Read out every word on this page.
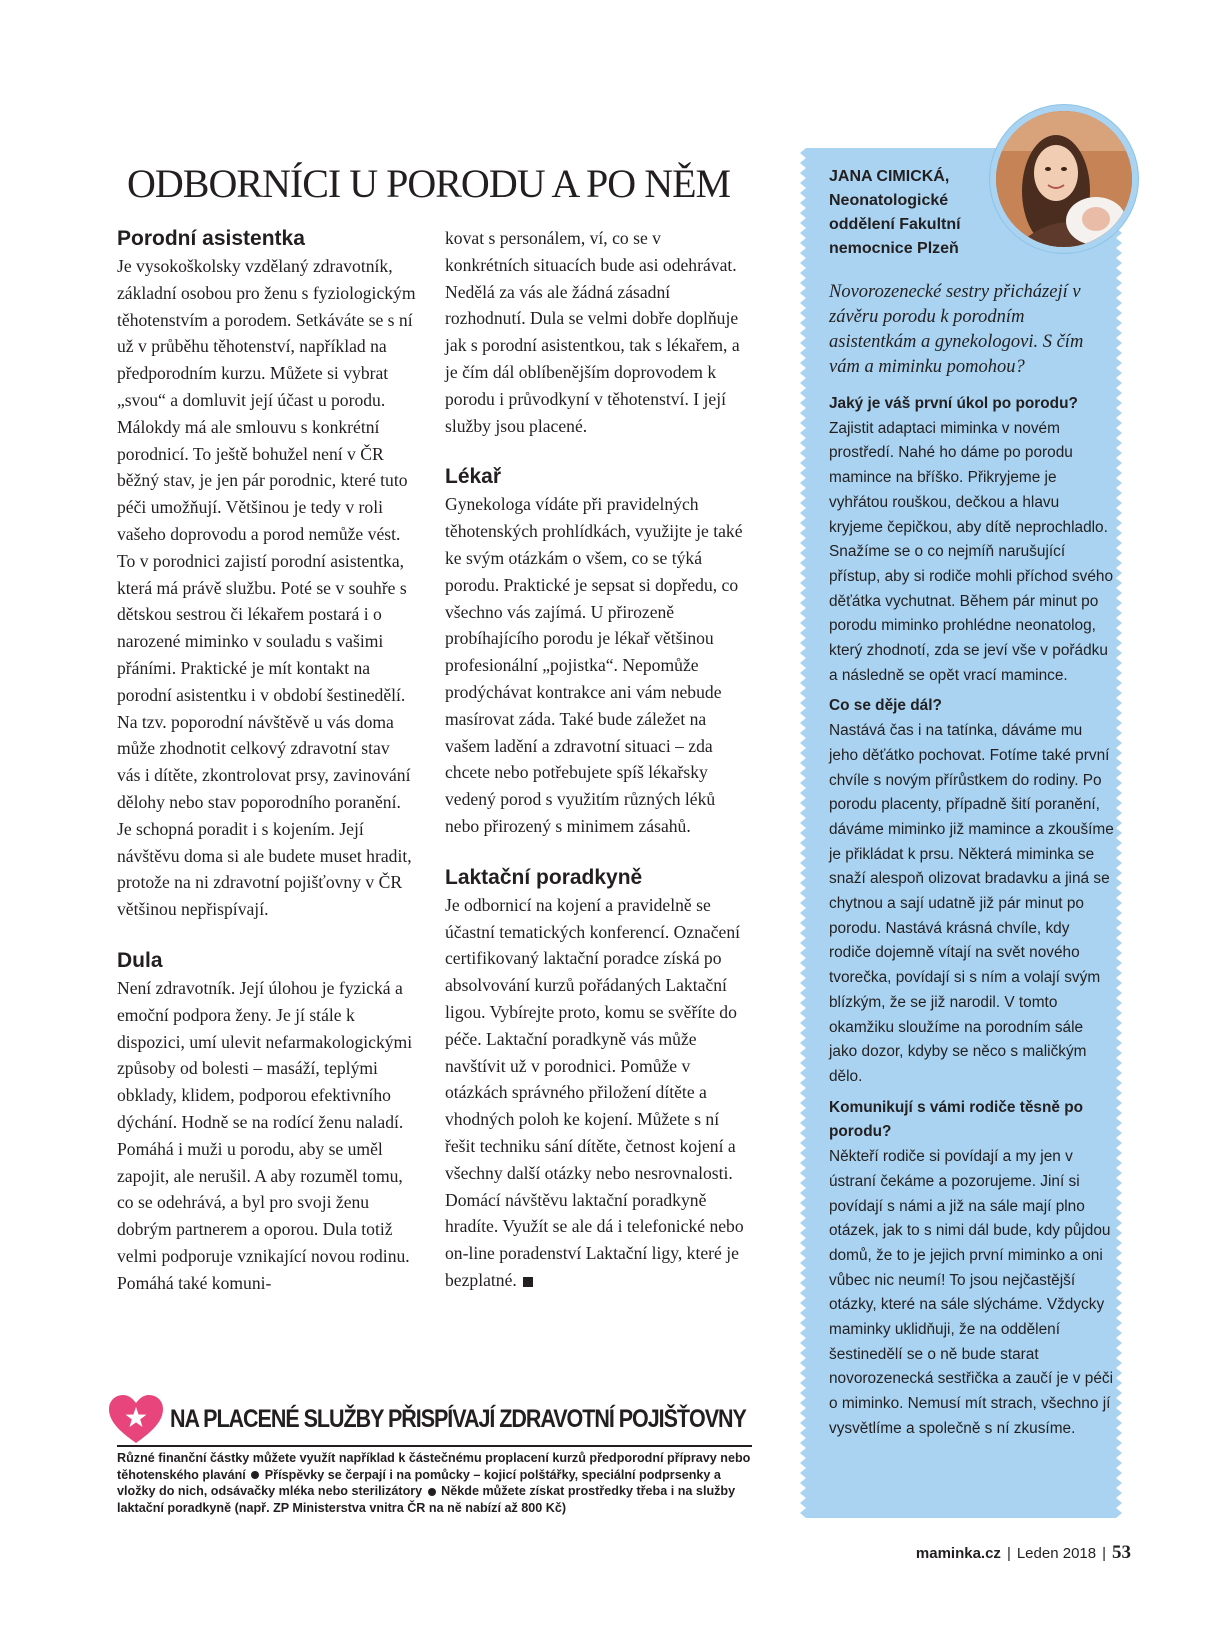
ODBORNÍCI U PORODU A PO NĚM
Porodní asistentka

Je vysokoškolsky vzdělaný zdravotník, základní osobou pro ženu s fyziologickým těhotenstvím a porodem. Setkáváte se s ní už v průběhu těhotenství, například na předporodním kurzu. Můžete si vybrat „svou“ a domluvit její účast u porodu. Málokdy má ale smlouvu s konkrétní porodnicí. To ještě bohužel není v ČR běžný stav, je jen pár porodnic, které tuto péči umožňují. Většinou je tedy v roli vašeho doprovodu a porod nemůže vést. To v porodnici zajistí porodní asistentka, která má právě službu. Poté se v souhře s dětskou sestrou či lékařem postará i o narozené miminko v souladu s vašimi přáními. Praktické je mít kontakt na porodní asistentku i v období šestinedělí. Na tzv. poporodní návštěvě u vás doma může zhodnotit celkový zdravotní stav vás i dítěte, zkontrolovat prsy, zavinování dělohy nebo stav poporodního poranění. Je schopná poradit i s kojením. Její návštěvu doma si ale budete muset hradit, protože na ni zdravotní pojišťovny v ČR většinou nepřispívají.

Dula

Není zdravotník. Její úlohou je fyzická a emoční podpora ženy. Je jí stále k dispozici, umí ulevit nefarmakologickými způsoby od bolesti – masáží, teplými obklady, klidem, podporou efektivního dýchání. Hodně se na rodící ženu naladí. Pomáhá i muži u porodu, aby se uměl zapojit, ale nerušil. A aby rozuměl tomu, co se odehrává, a byl pro svoji ženu dobrým partnerem a oporou. Dula totiž velmi podporuje vznikající novou rodinu. Pomáhá také komuni-

kovat s personálem, ví, co se v konkrétních situacích bude asi odehrávat. Nedělá za vás ale žádná zásadní rozhodnutí. Dula se velmi dobře doplňuje jak s porodní asistentkou, tak s lékařem, a je čím dál oblíbenějším doprovodem k porodu i průvodkyní v těhotenství. I její služby jsou placené.

Lékař

Gynekologa vídáte při pravidelných těhotenských prohlídkách, využijte je také ke svým otázkám o všem, co se týká porodu. Praktické je sepsat si dopředu, co všechno vás zajímá. U přirozeně probíhajícího porodu je lékař většinou profesionální „pojistka“. Nepomůže prodýchávat kontrakce ani vám nebude masírovat záda. Také bude záležet na vašem ladění a zdravotní situaci – zda chcete nebo potřebujete spíš lékařsky vedený porod s využitím různých léků nebo přirozený s minimem zásahů.

Laktační poradkyně

Je odbornicí na kojení a pravidelně se účastní tematických konferencí. Označení certifikovaný laktační poradce získá po absolvování kurzů pořádaných Laktační ligou. Vybírejte proto, komu se svěříte do péče. Laktační poradkyně vás může navštívit už v porodnici. Pomůže v otázkách správného přiložení dítěte a vhodných poloh ke kojení. Můžete s ní řešit techniku sání dítěte, četnost kojení a všechny další otázky nebo nesrovnalosti. Domácí návštěvu laktační poradkyně hradíte. Využít se ale dá i telefonické nebo on-line poradenství Laktační ligy, které je bezplatné.

JANA CIMICKÁ,
Neonatologické oddělení Fakultní nemocnice Plzeň

Novorozenecké sestry přicházejí v závěru porodu k porodním asistentkám a gynekologovi. S čím vám a miminku pomohou?

Jaký je váš první úkol po porodu?

Zajistit adaptaci miminka v novém prostředí. Nahé ho dáme po porodu mamince na bříško. Přikryjeme je vyhřátou rouškou, dečkou a hlavu kryjeme čepičkou, aby dítě neprochladlo. Snažíme se o co nejmíň narušující přístup, aby si rodiče mohli příchod svého děťátka vychutnat. Během pár minut po porodu miminko prohlédne neonatolog, který zhodnotí, zda se jeví vše v pořádku a následně se opět vrací mamince.

Co se děje dál?

Nastává čas i na tatínka, dáváme mu jeho děťátko pochovat. Fotíme také první chvíle s novým přírůstkem do rodiny. Po porodu placenty, případně šití poranění, dáváme miminko již mamince a zkoušíme je přikládat k prsu. Některá miminka se snaží alespoň olizovat bradavku a jiná se chytnou a sají udatně již pár minut po porodu. Nastává krásná chvíle, kdy rodiče dojemně vítají na svět nového tvorečka, povídají si s ním a volají svým blízkým, že se již narodil. V tomto okamžiku sloužíme na porodním sále jako dozor, kdyby se něco s maličkým dělo.

Komunikují s vámi rodiče těsně po porodu?

Někteří rodiče si povídají a my jen v ústraní čekáme a pozorujeme. Jiní si povídají s námi a již na sále mají plno otázek, jak to s nimi dál bude, kdy půjdou domů, že to je jejich první miminko a oni vůbec nic neumí! To jsou nejčastější otázky, které na sále slýcháme. Vždycky maminky uklidňuji, že na oddělení šestinedělí se o ně bude starat novorozenecká sestřička a zaučí je v péči o miminko. Nemusí mít strach, všechno jí vysvětlíme a společně s ní zkusíme.

NA PLACENÉ SLUŽBY PŘISPÍVAJÍ ZDRAVOTNÍ POJIŠŤOVNY

Různé finanční částky můžete využít například k částečnému proplacení kurzů předporodní přípravy nebo těhotenského plavání Příspěvky se čerpají i na pomůcky – kojicí polštářky, speciální podprsenky a vložky do nich, odsávačky mléka nebo sterilizátory Někde můžete získat prostředky třeba i na služby laktační poradkyně (např. ZP Ministerstva vnitra ČR na ně nabízí až 800 Kč)

maminka.cz | Leden 2018 | 53
